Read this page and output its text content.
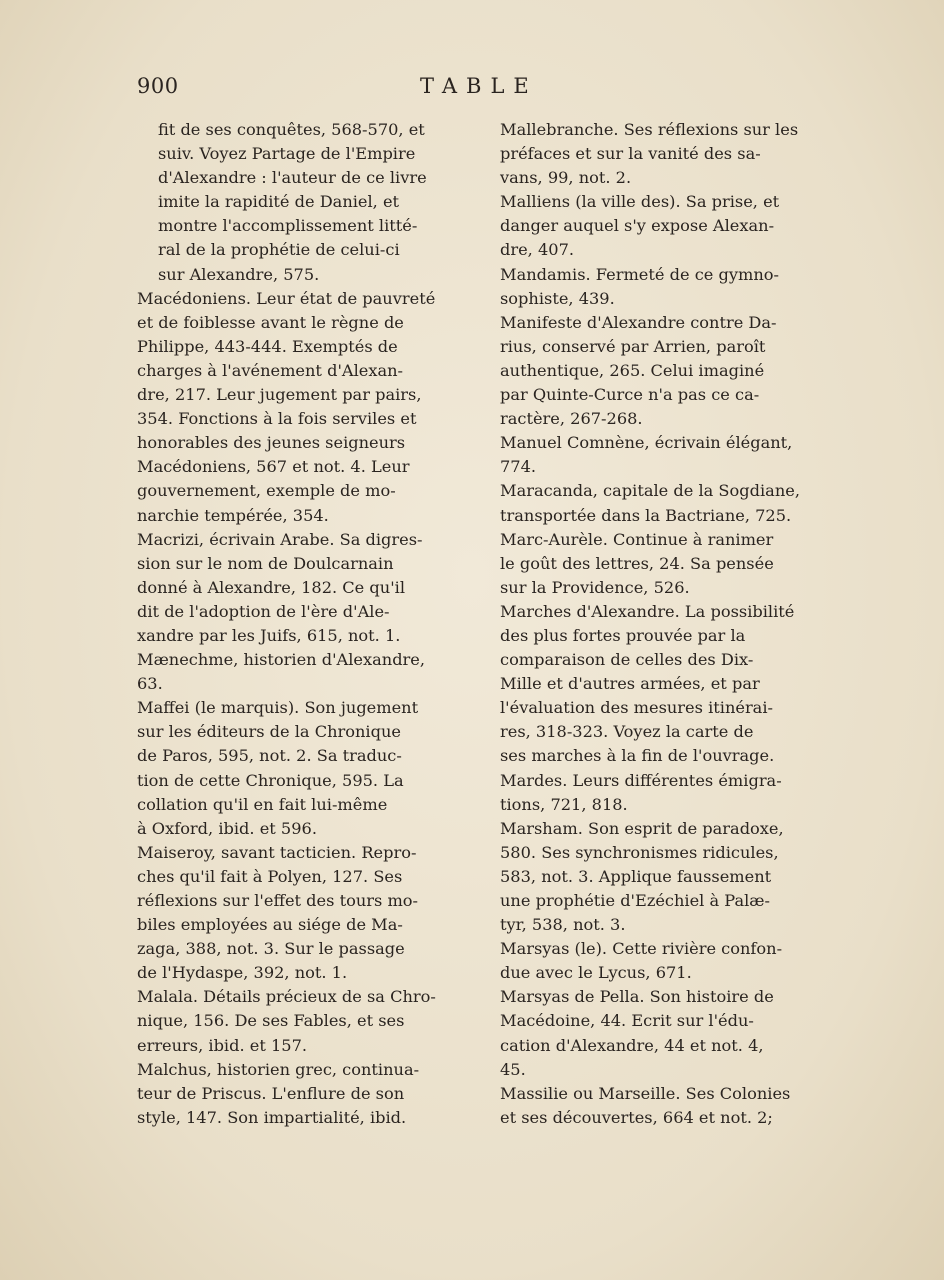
900	TABLE
fit de ses conquêtes, 568-570, et
suiv. Voyez Partage de l'Empire
d'Alexandre : l'auteur de ce livre
imite la rapidité de Daniel, et
montre l'accomplissement litté-
ral de la prophétie de celui-ci
sur Alexandre, 575.
Macédoniens. Leur état de pauvreté
et de foiblesse avant le règne de
Philippe, 443-444. Exemptés de
charges à l'avénement d'Alexan-
dre, 217. Leur jugement par pairs,
354. Fonctions à la fois serviles et
honorables des jeunes seigneurs
Macédoniens, 567 et not. 4. Leur
gouvernement, exemple de mo-
narchie tempérée, 354.
Macrizi, écrivain Arabe. Sa digres-
sion sur le nom de Doulcarnain
donné à Alexandre, 182. Ce qu'il
dit de l'adoption de l'ère d'Ale-
xandre par les Juifs, 615, not. 1.
Mænechme, historien d'Alexandre,
63.
Maffei (le marquis). Son jugement
sur les éditeurs de la Chronique
de Paros, 595, not. 2. Sa traduc-
tion de cette Chronique, 595. La
collation qu'il en fait lui-même
à Oxford, ibid. et 596.
Maiseroy, savant tacticien. Repro-
ches qu'il fait à Polyen, 127. Ses
réflexions sur l'effet des tours mo-
biles employées au siége de Ma-
zaga, 388, not. 3. Sur le passage
de l'Hydaspe, 392, not. 1.
Malala. Détails précieux de sa Chro-
nique, 156. De ses Fables, et ses
erreurs, ibid. et 157.
Malchus, historien grec, continua-
teur de Priscus. L'enflure de son
style, 147. Son impartialité, ibid.
Mallebranche. Ses réflexions sur les
préfaces et sur la vanité des sa-
vans, 99, not. 2.
Malliens (la ville des). Sa prise, et
danger auquel s'y expose Alexan-
dre, 407.
Mandamis. Fermeté de ce gymno-
sophiste, 439.
Manifeste d'Alexandre contre Da-
rius, conservé par Arrien, paroît
authentique, 265. Celui imaginé
par Quinte-Curce n'a pas ce ca-
ractère, 267-268.
Manuel Comnène, écrivain élégant,
774.
Maracanda, capitale de la Sogdiane,
transportée dans la Bactriane, 725.
Marc-Aurèle. Continue à ranimer
le goût des lettres, 24. Sa pensée
sur la Providence, 526.
Marches d'Alexandre. La possibilité
des plus fortes prouvée par la
comparaison de celles des Dix-
Mille et d'autres armées, et par
l'évaluation des mesures itinérai-
res, 318-323. Voyez la carte de
ses marches à la fin de l'ouvrage.
Mardes. Leurs différentes émigra-
tions, 721, 818.
Marsham. Son esprit de paradoxe,
580. Ses synchronismes ridicules,
583, not. 3. Applique faussement
une prophétie d'Ezéchiel à Palæ-
tyr, 538, not. 3.
Marsyas (le). Cette rivière confon-
due avec le Lycus, 671.
Marsyas de Pella. Son histoire de
Macédoine, 44. Ecrit sur l'édu-
cation d'Alexandre, 44 et not. 4,
45.
Massilie ou Marseille. Ses Colonies
et ses découvertes, 664 et not. 2;
